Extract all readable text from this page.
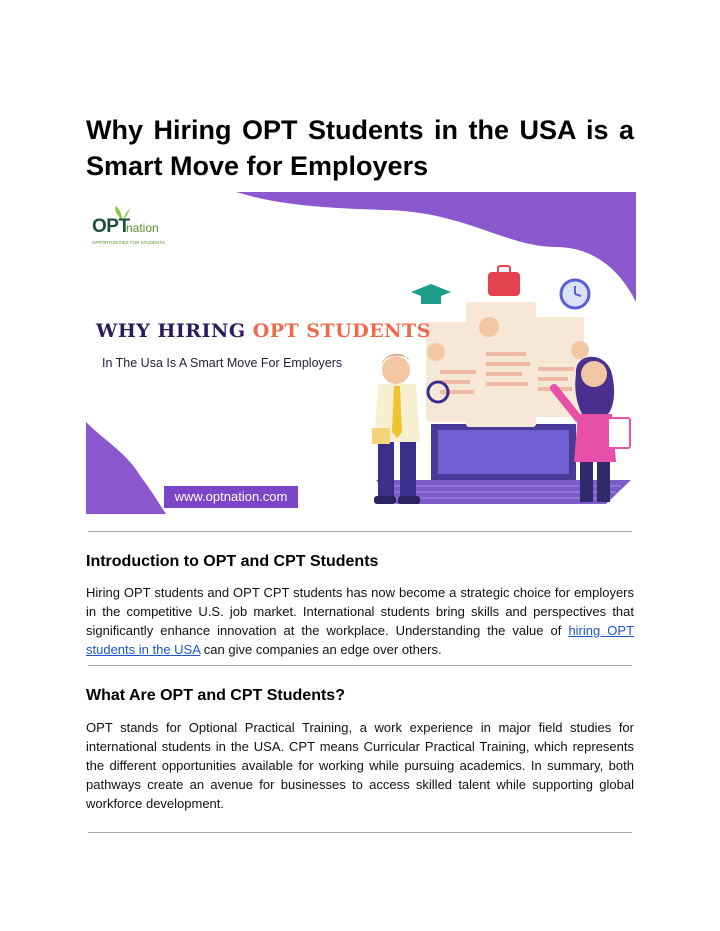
Why Hiring OPT Students in the USA is a Smart Move for Employers
OPT
nation
OPPORTUNITIES FOR STUDENTS
WHY HIRING OPT STUDENTS
In The Usa Is A Smart Move For Employers
www.optnation.com
Introduction to OPT and CPT Students

Hiring OPT students and OPT CPT students has now become a strategic choice for employers in the competitive U.S. job market. International students bring skills and perspectives that significantly enhance innovation at the workplace. Understanding the value of hiring OPT students in the USA can give companies an edge over others.

What Are OPT and CPT Students?

OPT stands for Optional Practical Training, a work experience in major field studies for international students in the USA. CPT means Curricular Practical Training, which represents the different opportunities available for working while pursuing academics. In summary, both pathways create an avenue for businesses to access skilled talent while supporting global workforce development.
